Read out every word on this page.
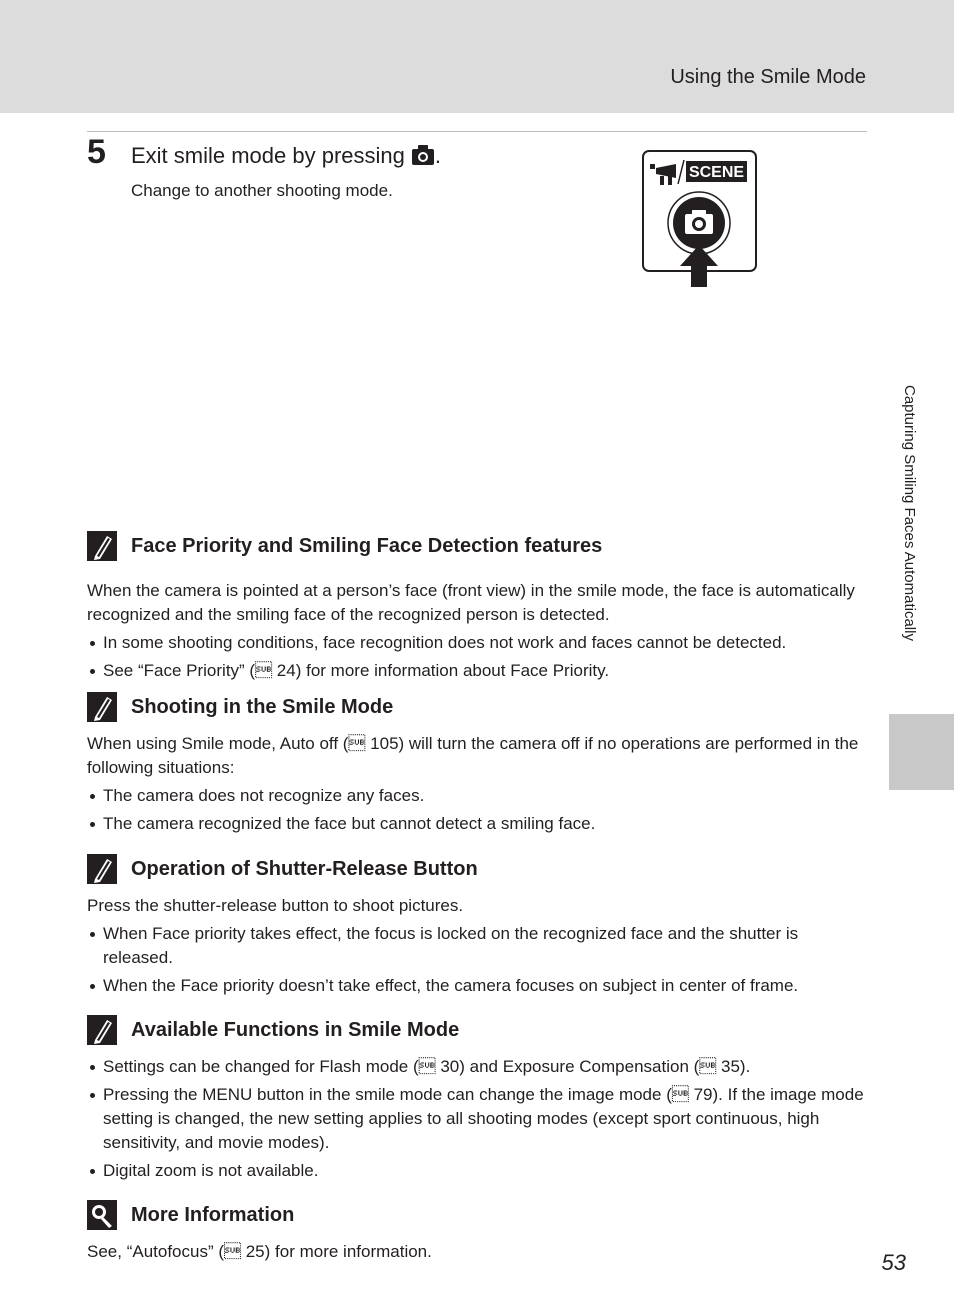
Using the Smile Mode
5 Exit smile mode by pressing .
Change to another shooting mode.
SCENE
Capturing Smiling Faces Automatically
Face Priority and Smiling Face Detection features

When the camera is pointed at a person’s face (front view) in the smile mode, the face is automatically recognized and the smiling face of the recognized person is detected.

In some shooting conditions, face recognition does not work and faces cannot be detected.
See “Face Priority” ( 24) for more information about Face Priority.
Shooting in the Smile Mode

When using Smile mode, Auto off ( 105) will turn the camera off if no operations are performed in the following situations:

The camera does not recognize any faces.
The camera recognized the face but cannot detect a smiling face.
Operation of Shutter-Release Button

Press the shutter-release button to shoot pictures.

When Face priority takes effect, the focus is locked on the recognized face and the shutter is released.
When the Face priority doesn’t take effect, the camera focuses on subject in center of frame.
Available Functions in Smile Mode
Settings can be changed for Flash mode ( 30) and Exposure Compensation ( 35).
Pressing the MENU button in the smile mode can change the image mode ( 79). If the image mode setting is changed, the new setting applies to all shooting modes (except sport continuous, high sensitivity, and movie modes).
Digital zoom is not available.
More Information

See, “Autofocus” ( 25) for more information.	53
